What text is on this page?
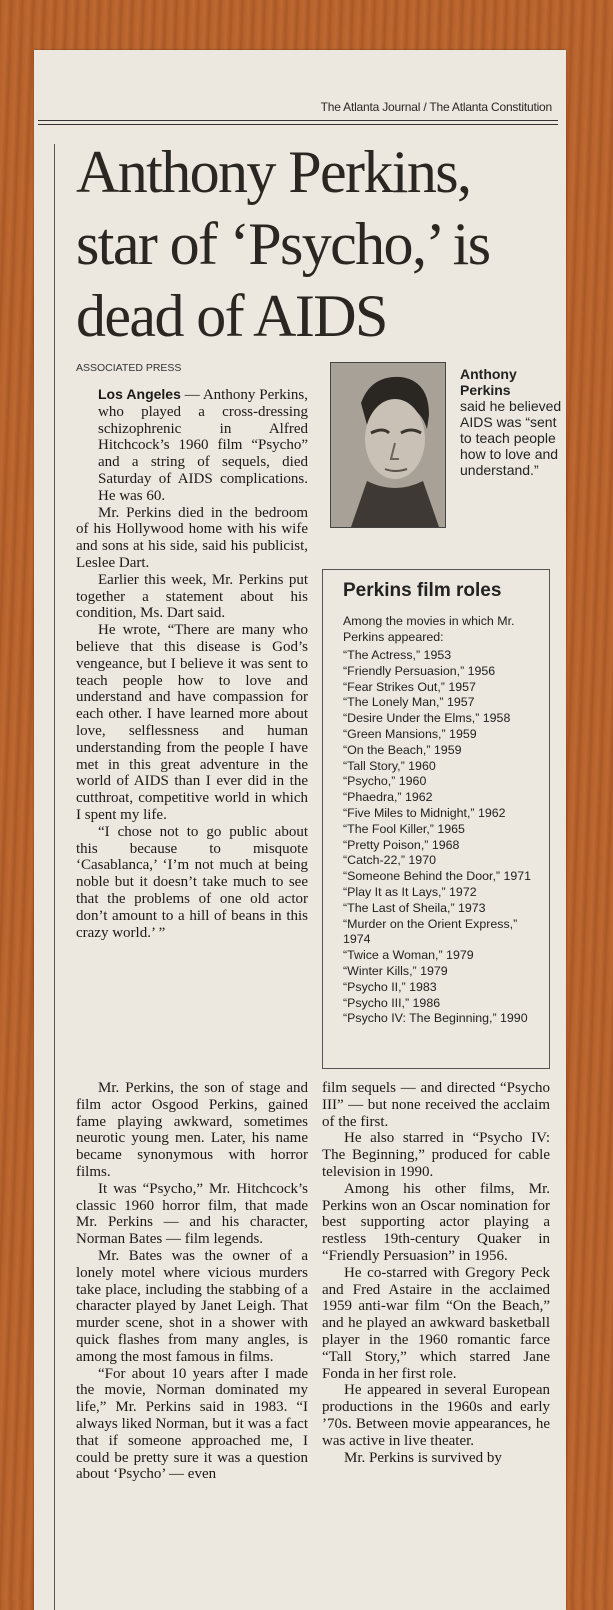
The Atlanta Journal / The Atlanta Constitution
Anthony Perkins, star of ‘Psycho,’ is dead of AIDS
ASSOCIATED PRESS

Los Angeles — Anthony Perkins, who played a cross-dressing schizophrenic in Alfred Hitchcock’s 1960 film “Psycho” and a string of sequels, died Saturday of AIDS complications. He was 60.

Mr. Perkins died in the bedroom of his Hollywood home with his wife and sons at his side, said his publicist, Leslee Dart.

Earlier this week, Mr. Perkins put together a statement about his condition, Ms. Dart said.

He wrote, “There are many who believe that this disease is God’s vengeance, but I believe it was sent to teach people how to love and understand and have compassion for each other. I have learned more about love, selflessness and human understanding from the people I have met in this great adventure in the world of AIDS than I ever did in the cutthroat, competitive world in which I spent my life.

“I chose not to go public about this because to misquote ‘Casablanca,’ ‘I’m not much at being noble but it doesn’t take much to see that the problems of one old actor don’t amount to a hill of beans in this crazy world.’ ”

Anthony Perkins
said he believed AIDS was “sent to teach people how to love and understand.”
Perkins film roles
Among the movies in which Mr. Perkins appeared:
“The Actress,” 1953
“Friendly Persuasion,” 1956
“Fear Strikes Out,” 1957
“The Lonely Man,” 1957
“Desire Under the Elms,” 1958
“Green Mansions,” 1959
“On the Beach,” 1959
“Tall Story,” 1960
“Psycho,” 1960
“Phaedra,” 1962
“Five Miles to Midnight,” 1962
“The Fool Killer,” 1965
“Pretty Poison,” 1968
“Catch-22,” 1970
“Someone Behind the Door,” 1971
“Play It as It Lays,” 1972
“The Last of Sheila,” 1973
“Murder on the Orient Express,” 1974
“Twice a Woman,” 1979
“Winter Kills,” 1979
“Psycho II,” 1983
“Psycho III,” 1986
“Psycho IV: The Beginning,” 1990

Mr. Perkins, the son of stage and film actor Osgood Perkins, gained fame playing awkward, sometimes neurotic young men. Later, his name became synonymous with horror films.

It was “Psycho,” Mr. Hitchcock’s classic 1960 horror film, that made Mr. Perkins — and his character, Norman Bates — film legends.

Mr. Bates was the owner of a lonely motel where vicious murders take place, including the stabbing of a character played by Janet Leigh. That murder scene, shot in a shower with quick flashes from many angles, is among the most famous in films.

“For about 10 years after I made the movie, Norman dominated my life,” Mr. Perkins said in 1983. “I always liked Norman, but it was a fact that if someone approached me, I could be pretty sure it was a question about ‘Psycho’ — even

film sequels — and directed “Psycho III” — but none received the acclaim of the first.

He also starred in “Psycho IV: The Beginning,” produced for cable television in 1990.

Among his other films, Mr. Perkins won an Oscar nomination for best supporting actor playing a restless 19th-century Quaker in “Friendly Persuasion” in 1956.

He co-starred with Gregory Peck and Fred Astaire in the acclaimed 1959 anti-war film “On the Beach,” and he played an awkward basketball player in the 1960 romantic farce “Tall Story,” which starred Jane Fonda in her first role.

He appeared in several European productions in the 1960s and early ’70s. Between movie appearances, he was active in live theater.

Mr. Perkins is survived by
